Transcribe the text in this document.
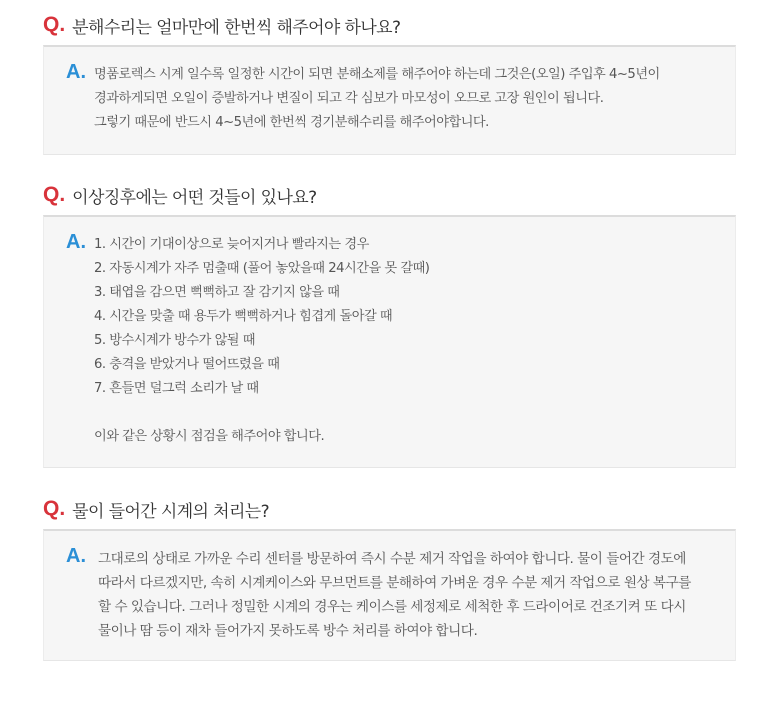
Q. 분해수리는 얼마만에 한번씩 해주어야 하나요?
A. 명품로렉스 시계 일수록 일정한 시간이 되면 분해소제를 해주어야 하는데 그것은(오일) 주입후 4~5년이
경과하게되면 오일이 증발하거나 변질이 되고 각 심보가 마모성이 오므로 고장 원인이 됩니다.
그렇기 때문에 반드시 4~5년에 한번씩 경기분해수리를 해주어야합니다.
Q. 이상징후에는 어떤 것들이 있나요?
A. 1. 시간이 기대이상으로 늦어지거나 빨라지는 경우
2. 자동시계가 자주 멈출때 (풀어 놓았을때 24시간을 못 갈때)
3. 태엽을 감으면 뻑뻑하고 잘 감기지 않을 때
4. 시간을 맞출 때 용두가 뻑뻑하거나 힘겹게 돌아갈 때
5. 방수시계가 방수가 않될 때
6. 충격을 받았거나 떨어뜨렸을 때
7. 흔들면 덜그럭 소리가 날 때
이와 같은 상황시 점검을 해주어야 합니다.
Q. 물이 들어간 시계의 처리는?
A. 그대로의 상태로 가까운 수리 센터를 방문하여 즉시 수분 제거 작업을 하여야 합니다. 물이 들어간 경도에
따라서 다르겠지만, 속히 시계케이스와 무브먼트를 분해하여 가벼운 경우 수분 제거 작업으로 원상 복구를
할 수 있습니다. 그러나 정밀한 시계의 경우는 케이스를 세정제로 세척한 후 드라이어로 건조기켜 또 다시
물이나 땀 등이 재차 들어가지 못하도록 방수 처리를 하여야 합니다.
